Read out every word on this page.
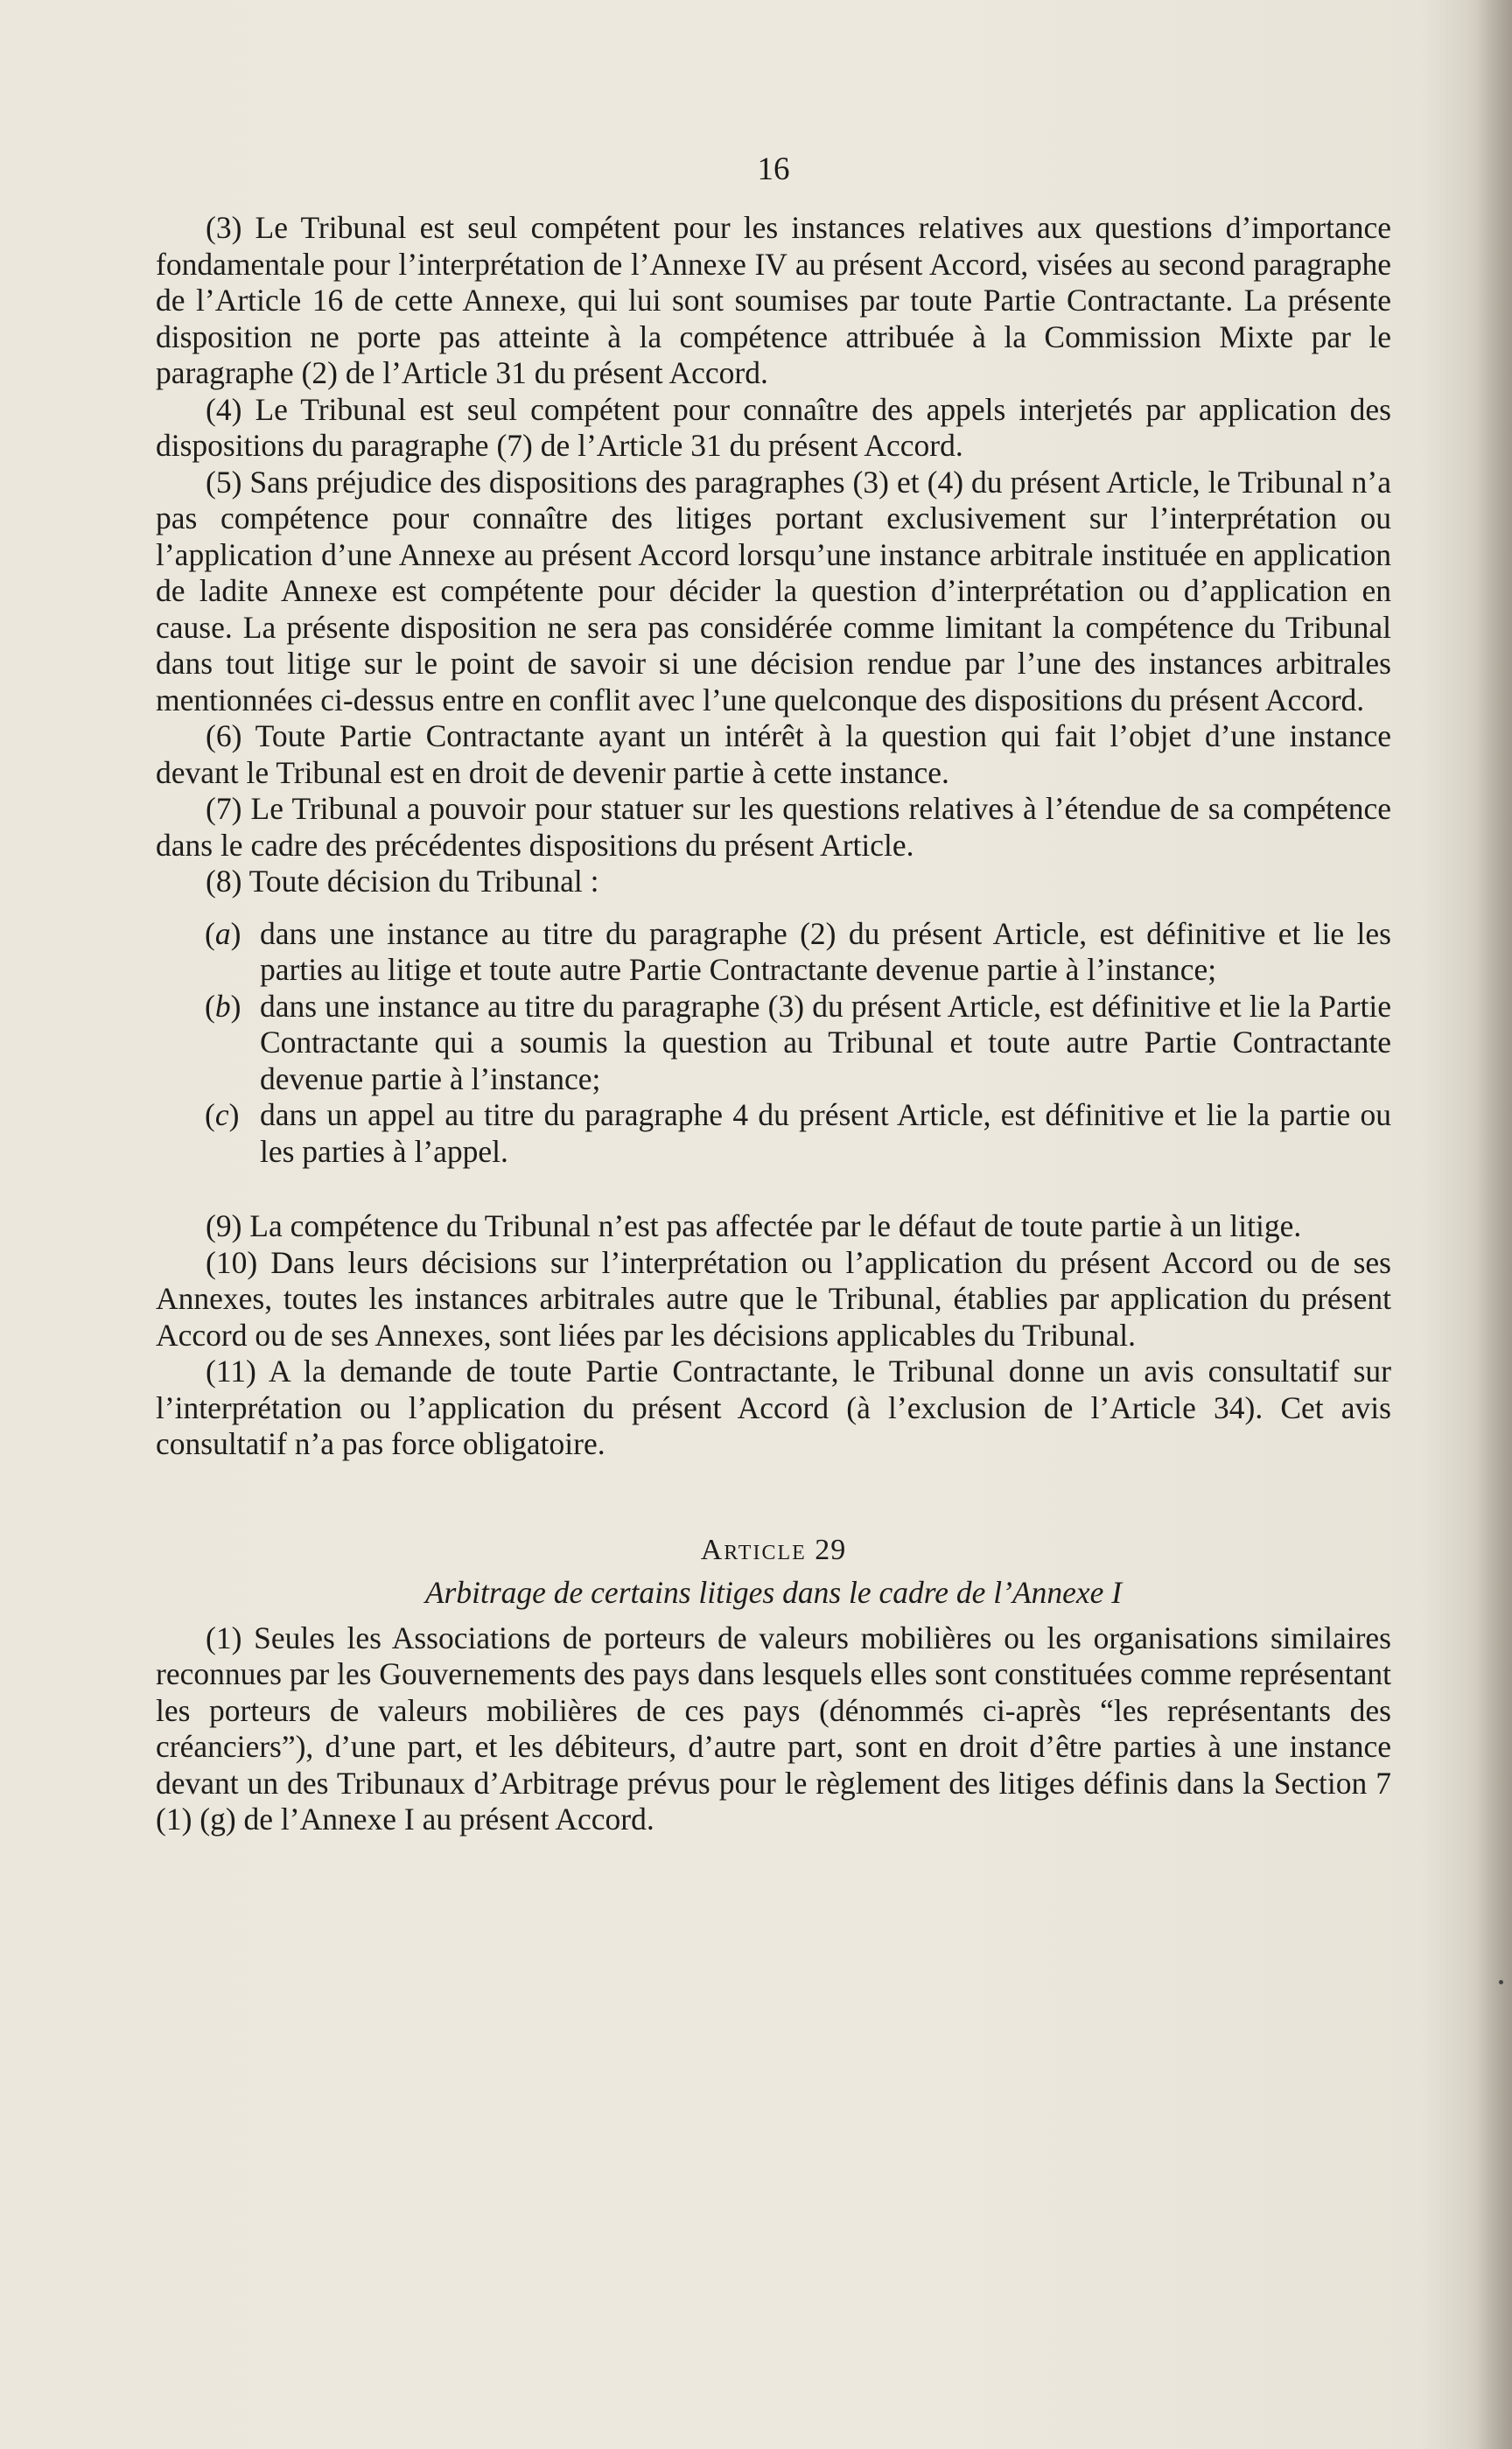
16

(3) Le Tribunal est seul compétent pour les instances relatives aux questions d’importance fondamentale pour l’interprétation de l’Annexe IV au présent Accord, visées au second paragraphe de l’Article 16 de cette Annexe, qui lui sont soumises par toute Partie Contractante. La présente disposition ne porte pas atteinte à la compétence attribuée à la Commission Mixte par le paragraphe (2) de l’Article 31 du présent Accord.

(4) Le Tribunal est seul compétent pour connaître des appels interjetés par application des dispositions du paragraphe (7) de l’Article 31 du présent Accord.

(5) Sans préjudice des dispositions des paragraphes (3) et (4) du présent Article, le Tribunal n’a pas compétence pour connaître des litiges portant exclusivement sur l’interprétation ou l’application d’une Annexe au présent Accord lorsqu’une instance arbitrale instituée en application de ladite Annexe est compétente pour décider la question d’interprétation ou d’application en cause. La présente disposition ne sera pas considérée comme limitant la compétence du Tribunal dans tout litige sur le point de savoir si une décision rendue par l’une des instances arbitrales mentionnées ci-dessus entre en conflit avec l’une quelconque des dispositions du présent Accord.

(6) Toute Partie Contractante ayant un intérêt à la question qui fait l’objet d’une instance devant le Tribunal est en droit de devenir partie à cette instance.

(7) Le Tribunal a pouvoir pour statuer sur les questions relatives à l’étendue de sa compétence dans le cadre des précédentes dispositions du présent Article.

(8) Toute décision du Tribunal :

(a) dans une instance au titre du paragraphe (2) du présent Article, est définitive et lie les parties au litige et toute autre Partie Contractante devenue partie à l’instance;

(b) dans une instance au titre du paragraphe (3) du présent Article, est définitive et lie la Partie Contractante qui a soumis la question au Tribunal et toute autre Partie Contractante devenue partie à l’instance;

(c) dans un appel au titre du paragraphe 4 du présent Article, est définitive et lie la partie ou les parties à l’appel.

(9) La compétence du Tribunal n’est pas affectée par le défaut de toute partie à un litige.

(10) Dans leurs décisions sur l’interprétation ou l’application du présent Accord ou de ses Annexes, toutes les instances arbitrales autre que le Tribunal, établies par application du présent Accord ou de ses Annexes, sont liées par les décisions applicables du Tribunal.

(11) A la demande de toute Partie Contractante, le Tribunal donne un avis consultatif sur l’interprétation ou l’application du présent Accord (à l’exclusion de l’Article 34). Cet avis consultatif n’a pas force obligatoire.

Article 29
Arbitrage de certains litiges dans le cadre de l’Annexe I

(1) Seules les Associations de porteurs de valeurs mobilières ou les organisations similaires reconnues par les Gouvernements des pays dans lesquels elles sont constituées comme représentant les porteurs de valeurs mobilières de ces pays (dénommés ci-après “les représentants des créanciers”), d’une part, et les débiteurs, d’autre part, sont en droit d’être parties à une instance devant un des Tribunaux d’Arbitrage prévus pour le règlement des litiges définis dans la Section 7 (1) (g) de l’Annexe I au présent Accord.
